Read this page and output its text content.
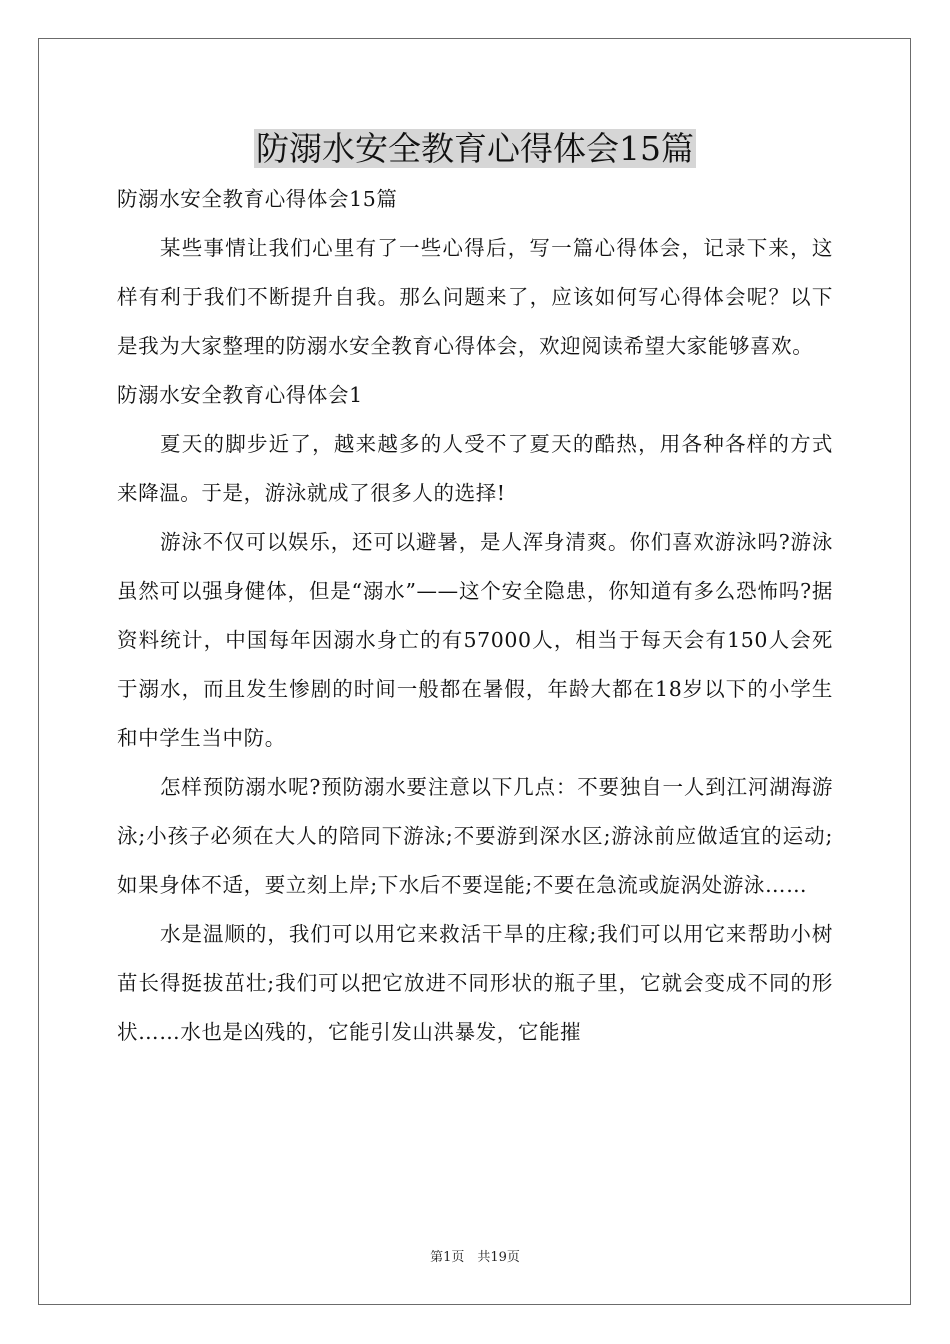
防溺水安全教育心得体会15篇

防溺水安全教育心得体会15篇

某些事情让我们心里有了一些心得后，写一篇心得体会，记录下来，这样有利于我们不断提升自我。那么问题来了，应该如何写心得体会呢？以下是我为大家整理的防溺水安全教育心得体会，欢迎阅读希望大家能够喜欢。

防溺水安全教育心得体会1

夏天的脚步近了，越来越多的人受不了夏天的酷热，用各种各样的方式来降温。于是，游泳就成了很多人的选择!

游泳不仅可以娱乐，还可以避暑，是人浑身清爽。你们喜欢游泳吗?游泳虽然可以强身健体，但是“溺水”——这个安全隐患，你知道有多么恐怖吗?据资料统计，中国每年因溺水身亡的有57000人，相当于每天会有150人会死于溺水，而且发生惨剧的时间一般都在暑假，年龄大都在18岁以下的小学生和中学生当中防。

怎样预防溺水呢?预防溺水要注意以下几点：不要独自一人到江河湖海游泳;小孩子必须在大人的陪同下游泳;不要游到深水区;游泳前应做适宜的运动;如果身体不适，要立刻上岸;下水后不要逞能;不要在急流或旋涡处游泳……

水是温顺的，我们可以用它来救活干旱的庄稼;我们可以用它来帮助小树苗长得挺拔茁壮;我们可以把它放进不同形状的瓶子里，它就会变成不同的形状……水也是凶残的，它能引发山洪暴发，它能摧

第1页　共19页
